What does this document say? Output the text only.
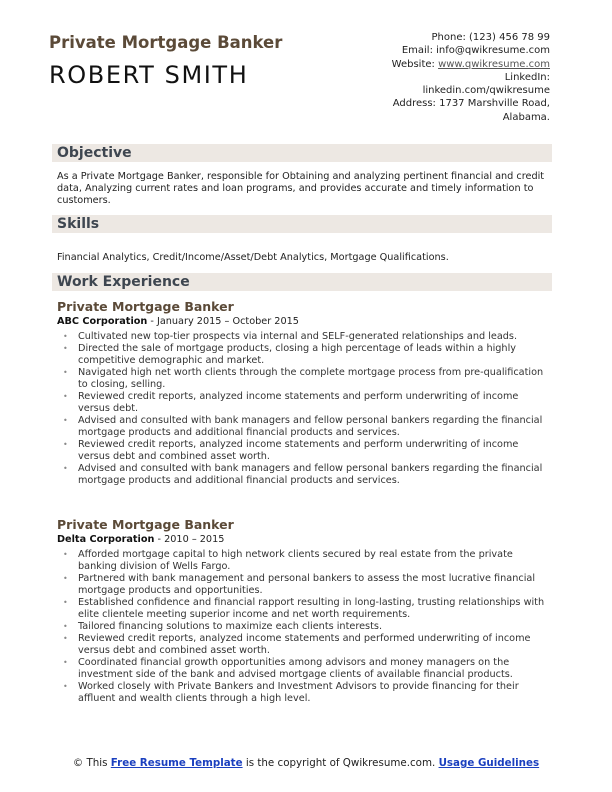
Private Mortgage Banker
ROBERT SMITH
Phone: (123) 456 78 99
Email: info@qwikresume.com
Website: www.qwikresume.com
LinkedIn:
linkedin.com/qwikresume
Address: 1737 Marshville Road,
Alabama.
Objective
As a Private Mortgage Banker, responsible for Obtaining and analyzing pertinent financial and credit data, Analyzing current rates and loan programs, and provides accurate and timely information to customers.
Skills
Financial Analytics, Credit/Income/Asset/Debt Analytics, Mortgage Qualifications.
Work Experience
Private Mortgage Banker
ABC Corporation - January 2015 – October 2015
• Cultivated new top-tier prospects via internal and SELF-generated relationships and leads.
• Directed the sale of mortgage products, closing a high percentage of leads within a highly competitive demographic and market.
• Navigated high net worth clients through the complete mortgage process from pre-qualification to closing, selling.
• Reviewed credit reports, analyzed income statements and perform underwriting of income versus debt.
• Advised and consulted with bank managers and fellow personal bankers regarding the financial mortgage products and additional financial products and services.
• Reviewed credit reports, analyzed income statements and perform underwriting of income versus debt and combined asset worth.
• Advised and consulted with bank managers and fellow personal bankers regarding the financial mortgage products and additional financial products and services.
Private Mortgage Banker
Delta Corporation - 2010 – 2015
• Afforded mortgage capital to high network clients secured by real estate from the private banking division of Wells Fargo.
• Partnered with bank management and personal bankers to assess the most lucrative financial mortgage products and opportunities.
• Established confidence and financial rapport resulting in long-lasting, trusting relationships with elite clientele meeting superior income and net worth requirements.
• Tailored financing solutions to maximize each clients interests.
• Reviewed credit reports, analyzed income statements and performed underwriting of income versus debt and combined asset worth.
• Coordinated financial growth opportunities among advisors and money managers on the investment side of the bank and advised mortgage clients of available financial products.
• Worked closely with Private Bankers and Investment Advisors to provide financing for their affluent and wealth clients through a high level.
© This Free Resume Template is the copyright of Qwikresume.com. Usage Guidelines
